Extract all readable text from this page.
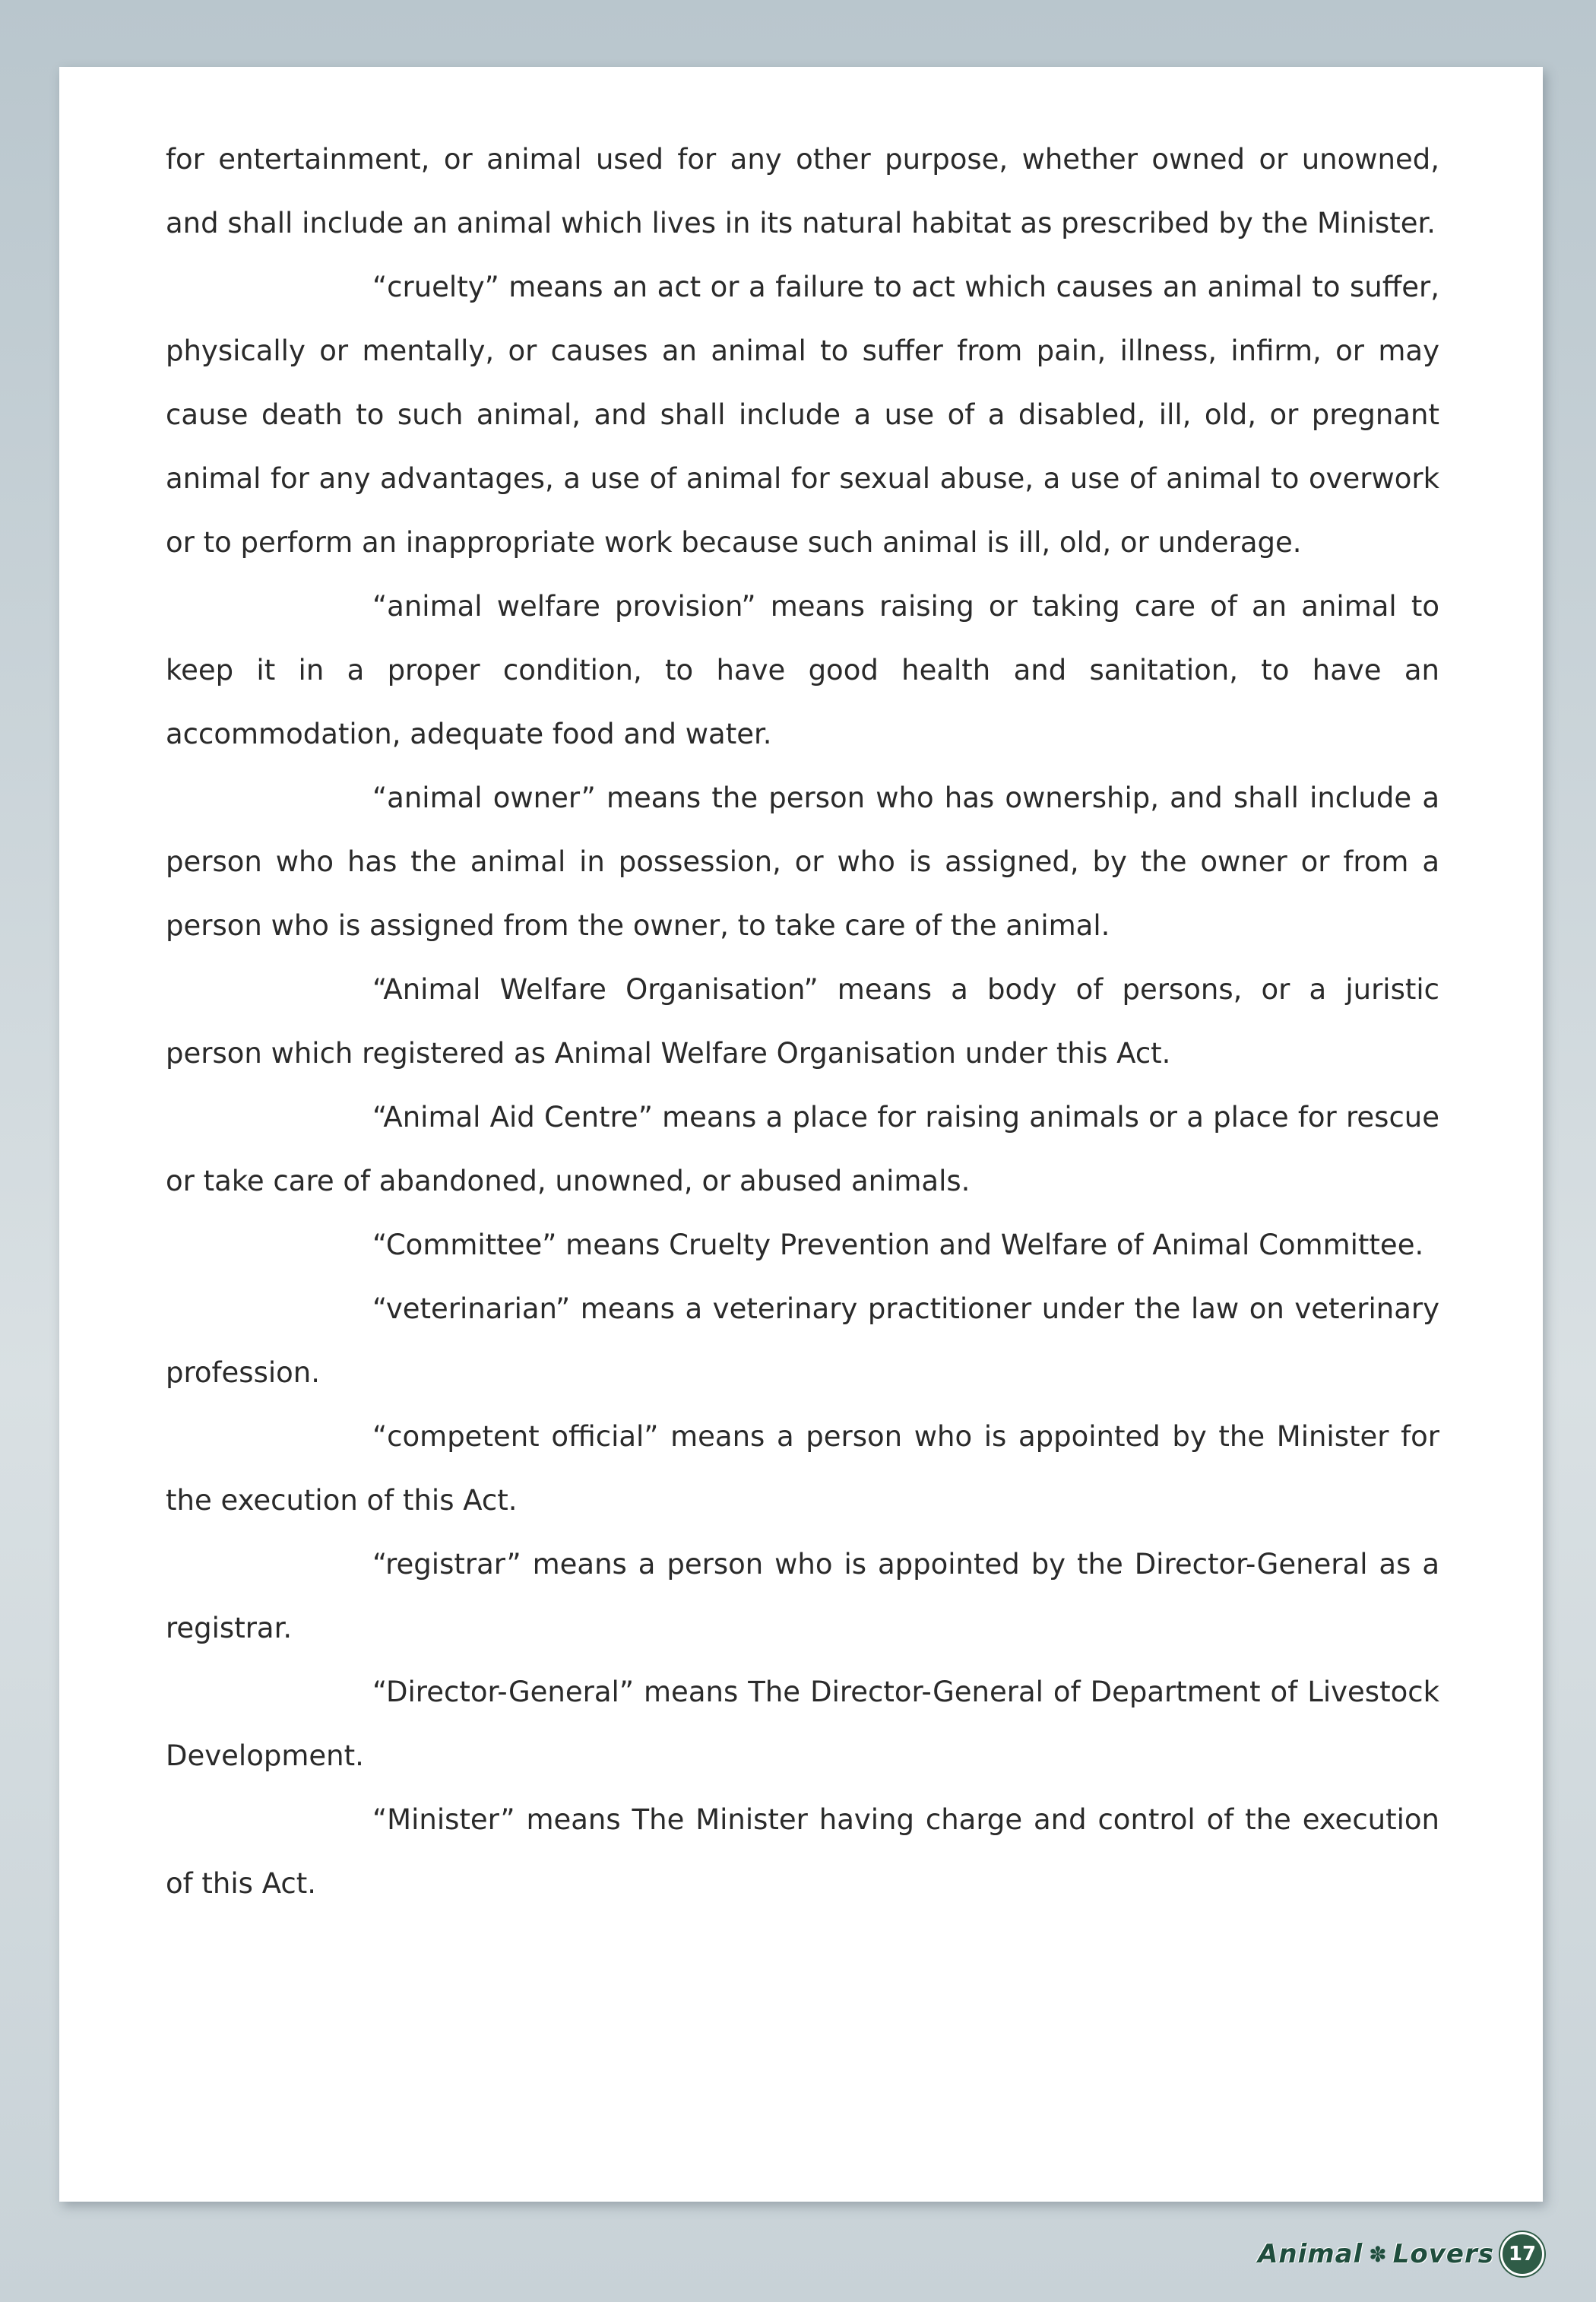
for entertainment, or animal used for any other purpose, whether owned or unowned, and shall include an animal which lives in its natural habitat as prescribed by the Minister.

“cruelty” means an act or a failure to act which causes an animal to suffer, physically or mentally, or causes an animal to suffer from pain, illness, infirm, or may cause death to such animal, and shall include a use of a disabled, ill, old, or pregnant animal for any advantages, a use of animal for sexual abuse, a use of animal to overwork or to perform an inappropriate work because such animal is ill, old, or underage.

“animal welfare provision” means raising or taking care of an animal to keep it in a proper condition, to have good health and sanitation, to have an accommodation, adequate food and water.

“animal owner” means the person who has ownership, and shall include a person who has the animal in possession, or who is assigned, by the owner or from a person who is assigned from the owner, to take care of the animal.

“Animal Welfare Organisation” means a body of persons, or a juristic person which registered as Animal Welfare Organisation under this Act.

“Animal Aid Centre” means a place for raising animals or a place for rescue or take care of abandoned, unowned, or abused animals.

“Committee” means Cruelty Prevention and Welfare of Animal Committee.

“veterinarian” means a veterinary practitioner under the law on veterinary profession.

“competent official” means a person who is appointed by the Minister for the execution of this Act.

“registrar” means a person who is appointed by the Director-General as a registrar.

“Director-General” means The Director-General of Department of Livestock Development.

“Minister” means The Minister having charge and control of the execution of this Act.

Animal ✽ Lovers 17
